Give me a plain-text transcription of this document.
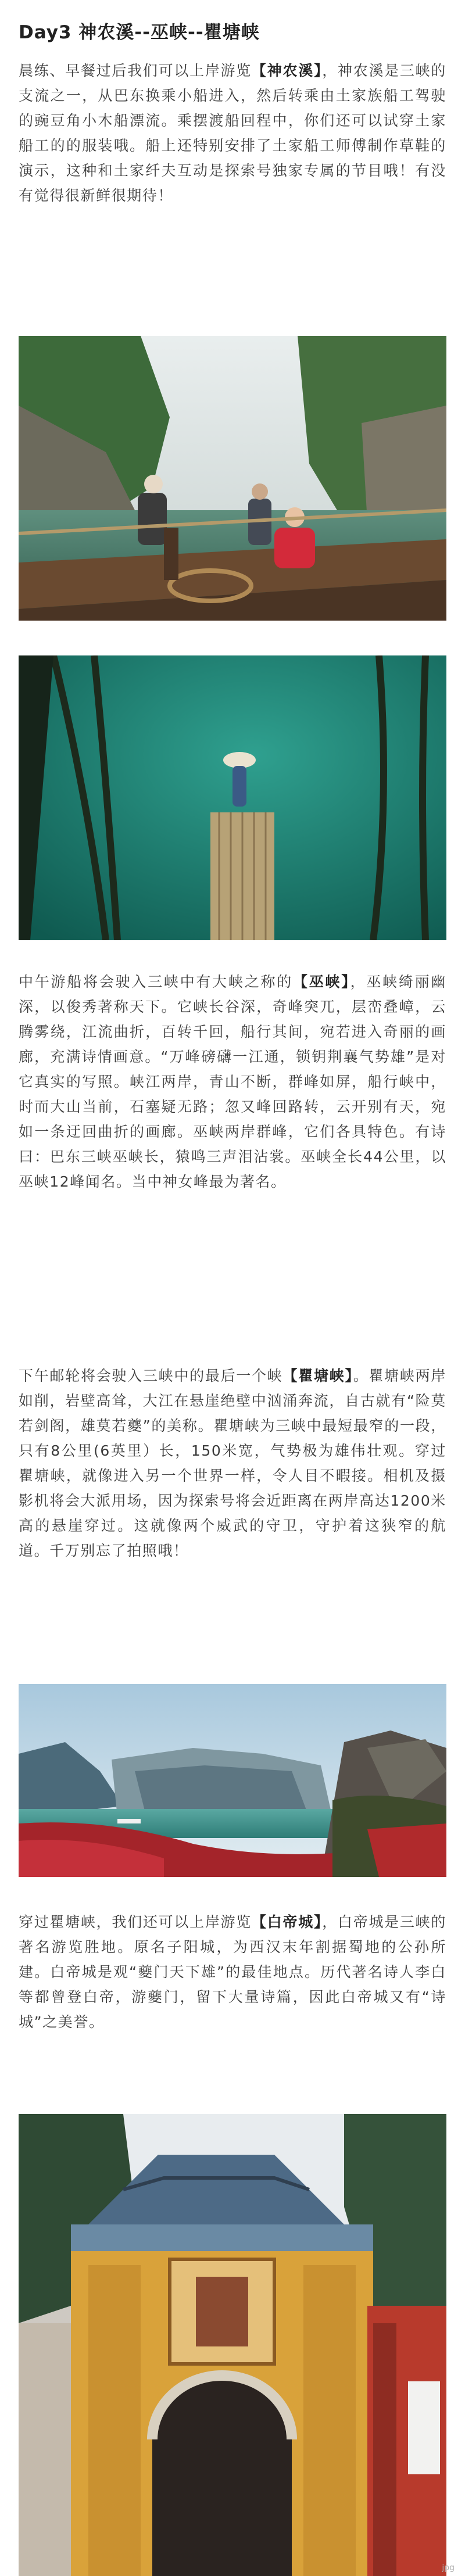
Day3 神农溪--巫峡--瞿塘峡

晨练、早餐过后我们可以上岸游览【神农溪】，神农溪是三峡的支流之一，从巴东换乘小船进入，然后转乘由土家族船工驾驶的豌豆角小木船漂流。乘摆渡船回程中，你们还可以试穿土家船工的的服装哦。船上还特别安排了土家船工师傅制作草鞋的演示，这种和土家纤夫互动是探索号独家专属的节目哦！有没有觉得很新鲜很期待！

中午游船将会驶入三峡中有大峡之称的【巫峡】，巫峡绮丽幽深，以俊秀著称天下。它峡长谷深，奇峰突兀，层峦叠嶂，云腾雾绕，江流曲折，百转千回，船行其间，宛若进入奇丽的画廊，充满诗情画意。“万峰磅礴一江通，锁钥荆襄气势雄”是对它真实的写照。峡江两岸，青山不断，群峰如屏，船行峡中，时而大山当前，石塞疑无路；忽又峰回路转，云开别有天，宛如一条迂回曲折的画廊。巫峡两岸群峰，它们各具特色。有诗曰：巴东三峡巫峡长，猿鸣三声泪沾裳。巫峡全长44公里，以巫峡12峰闻名。当中神女峰最为著名。

下午邮轮将会驶入三峡中的最后一个峡【瞿塘峡】。瞿塘峡两岸如削，岩壁高耸，大江在悬崖绝壁中汹涌奔流，自古就有“险莫若剑阁，雄莫若夔”的美称。瞿塘峡为三峡中最短最窄的一段，只有8公里(6英里）长，150米宽，气势极为雄伟壮观。穿过瞿塘峡，就像进入另一个世界一样，令人目不暇接。相机及摄影机将会大派用场，因为探索号将会近距离在两岸高达1200米高的悬崖穿过。这就像两个威武的守卫，守护着这狭窄的航道。千万别忘了拍照哦！

穿过瞿塘峡，我们还可以上岸游览【白帝城】，白帝城是三峡的著名游览胜地。原名子阳城，为西汉末年割据蜀地的公孙所建。白帝城是观“夔门天下雄”的最佳地点。历代著名诗人李白等都曾登白帝，游夔门，留下大量诗篇，因此白帝城又有“诗城”之美誉。

jpg
